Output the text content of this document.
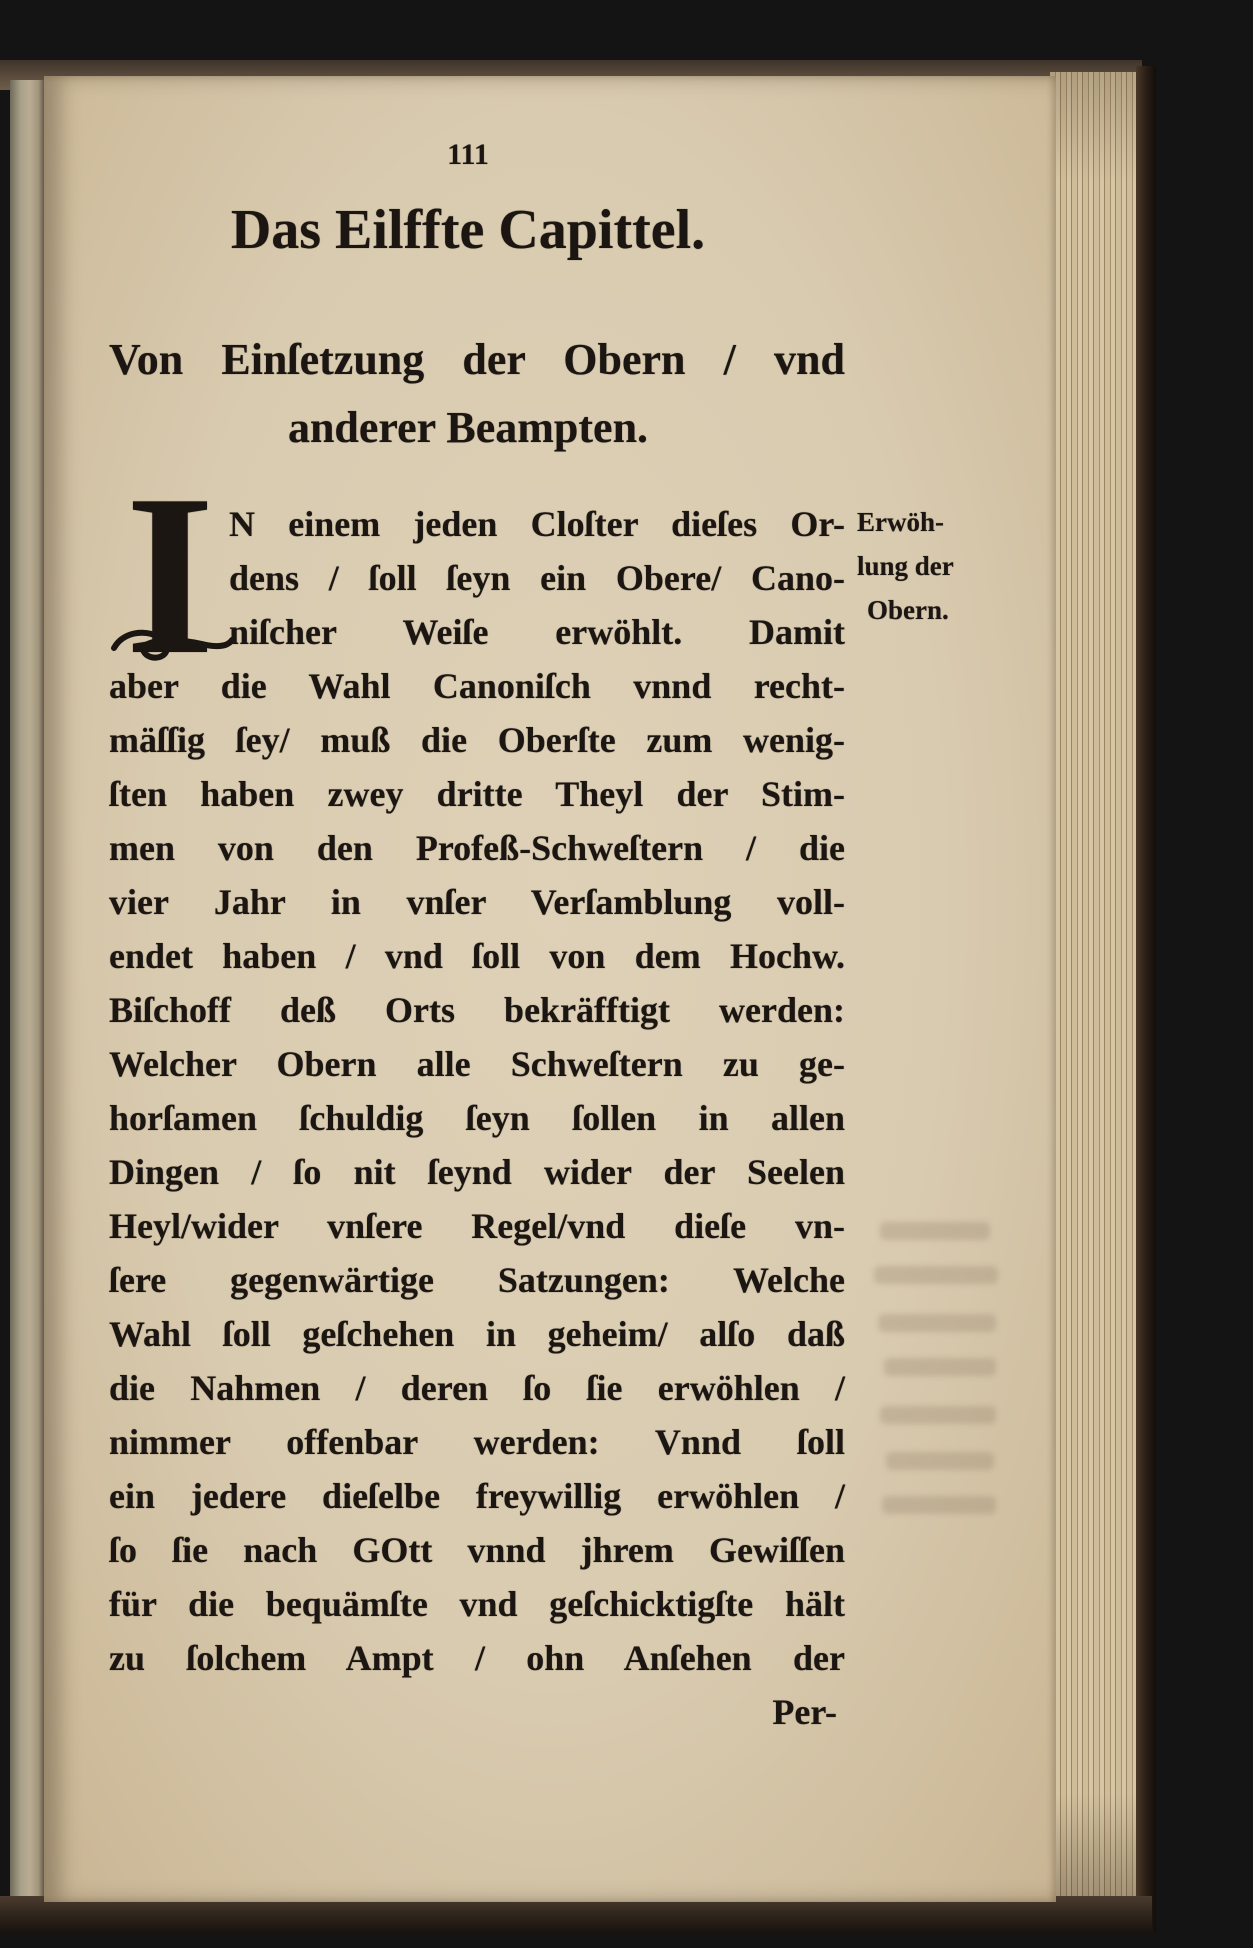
111
Das Eilffte Capittel.
Von Einſetzung der Obern / vnd
anderer Beampten.
I N einem jeden Cloſter dieſes Or-
dens / ſoll ſeyn ein Obere/ Cano-
niſcher Weiſe erwöhlt. Damit
aber die Wahl Canoniſch vnnd recht-
mäſſig ſey/ muß die Oberſte zum wenig-
ſten haben zwey dritte Theyl der Stim-
men von den Profeß-Schweſtern / die
vier Jahr in vnſer Verſamblung voll-
endet haben / vnd ſoll von dem Hochw.
Biſchoff deß Orts bekräfftigt werden:
Welcher Obern alle Schweſtern zu ge-
horſamen ſchuldig ſeyn ſollen in allen
Dingen / ſo nit ſeynd wider der Seelen
Heyl/wider vnſere Regel/vnd dieſe vn-
ſere gegenwärtige Satzungen: Welche
Wahl ſoll geſchehen in geheim/ alſo daß
die Nahmen / deren ſo ſie erwöhlen /
nimmer offenbar werden: Vnnd ſoll
ein jedere dieſelbe freywillig erwöhlen /
ſo ſie nach GOtt vnnd jhrem Gewiſſen
für die bequämſte vnd geſchicktigſte hält
zu ſolchem Ampt / ohn Anſehen der
Per-
Erwöh-
lung der
Obern.
